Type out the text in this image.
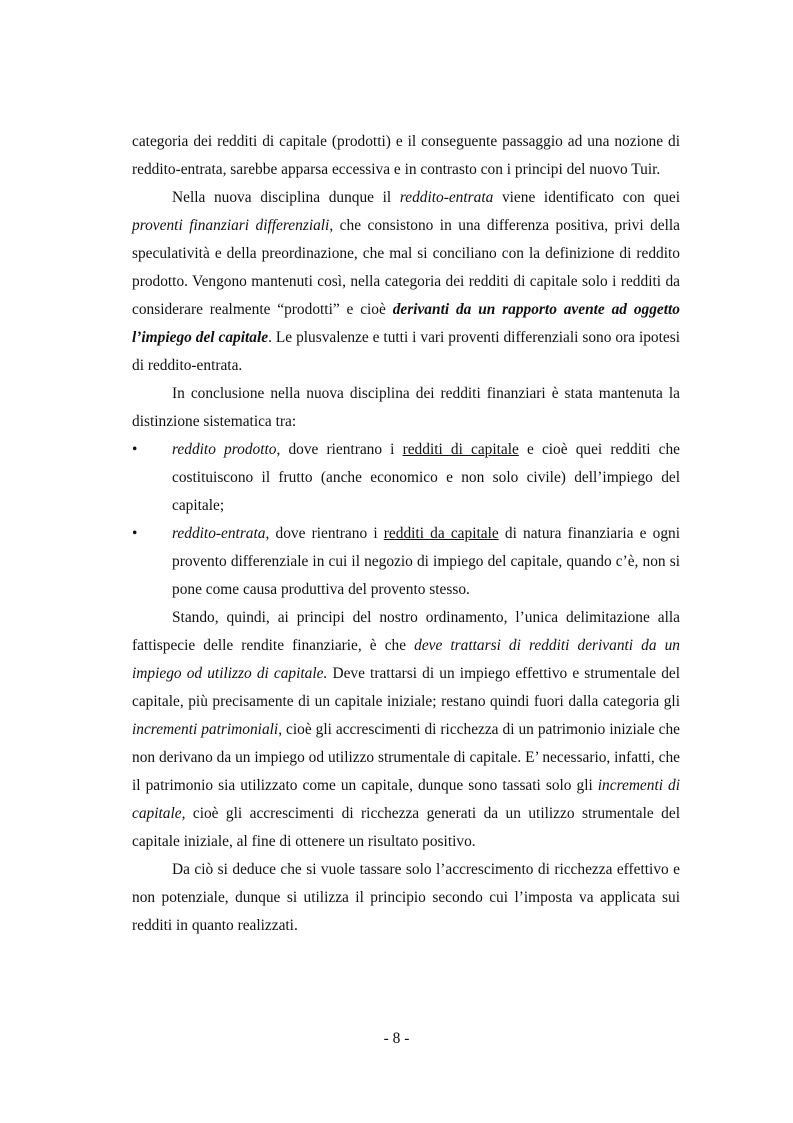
categoria dei redditi di capitale (prodotti) e il conseguente passaggio ad una nozione di reddito-entrata, sarebbe apparsa eccessiva e in contrasto con i principi del nuovo Tuir.

Nella nuova disciplina dunque il reddito-entrata viene identificato con quei proventi finanziari differenziali, che consistono in una differenza positiva, privi della speculatività e della preordinazione, che mal si conciliano con la definizione di reddito prodotto. Vengono mantenuti così, nella categoria dei redditi di capitale solo i redditi da considerare realmente “prodotti” e cioè derivanti da un rapporto avente ad oggetto l’impiego del capitale. Le plusvalenze e tutti i vari proventi differenziali sono ora ipotesi di reddito-entrata.

In conclusione nella nuova disciplina dei redditi finanziari è stata mantenuta la distinzione sistematica tra:

• reddito prodotto, dove rientrano i redditi di capitale e cioè quei redditi che costituiscono il frutto (anche economico e non solo civile) dell’impiego del capitale;
• reddito-entrata, dove rientrano i redditi da capitale di natura finanziaria e ogni provento differenziale in cui il negozio di impiego del capitale, quando c’è, non si pone come causa produttiva del provento stesso.

Stando, quindi, ai principi del nostro ordinamento, l’unica delimitazione alla fattispecie delle rendite finanziarie, è che deve trattarsi di redditi derivanti da un impiego od utilizzo di capitale. Deve trattarsi di un impiego effettivo e strumentale del capitale, più precisamente di un capitale iniziale; restano quindi fuori dalla categoria gli incrementi patrimoniali, cioè gli accrescimenti di ricchezza di un patrimonio iniziale che non derivano da un impiego od utilizzo strumentale di capitale. E’ necessario, infatti, che il patrimonio sia utilizzato come un capitale, dunque sono tassati solo gli incrementi di capitale, cioè gli accrescimenti di ricchezza generati da un utilizzo strumentale del capitale iniziale, al fine di ottenere un risultato positivo.

Da ciò si deduce che si vuole tassare solo l’accrescimento di ricchezza effettivo e non potenziale, dunque si utilizza il principio secondo cui l’imposta va applicata sui redditi in quanto realizzati.

- 8 -
